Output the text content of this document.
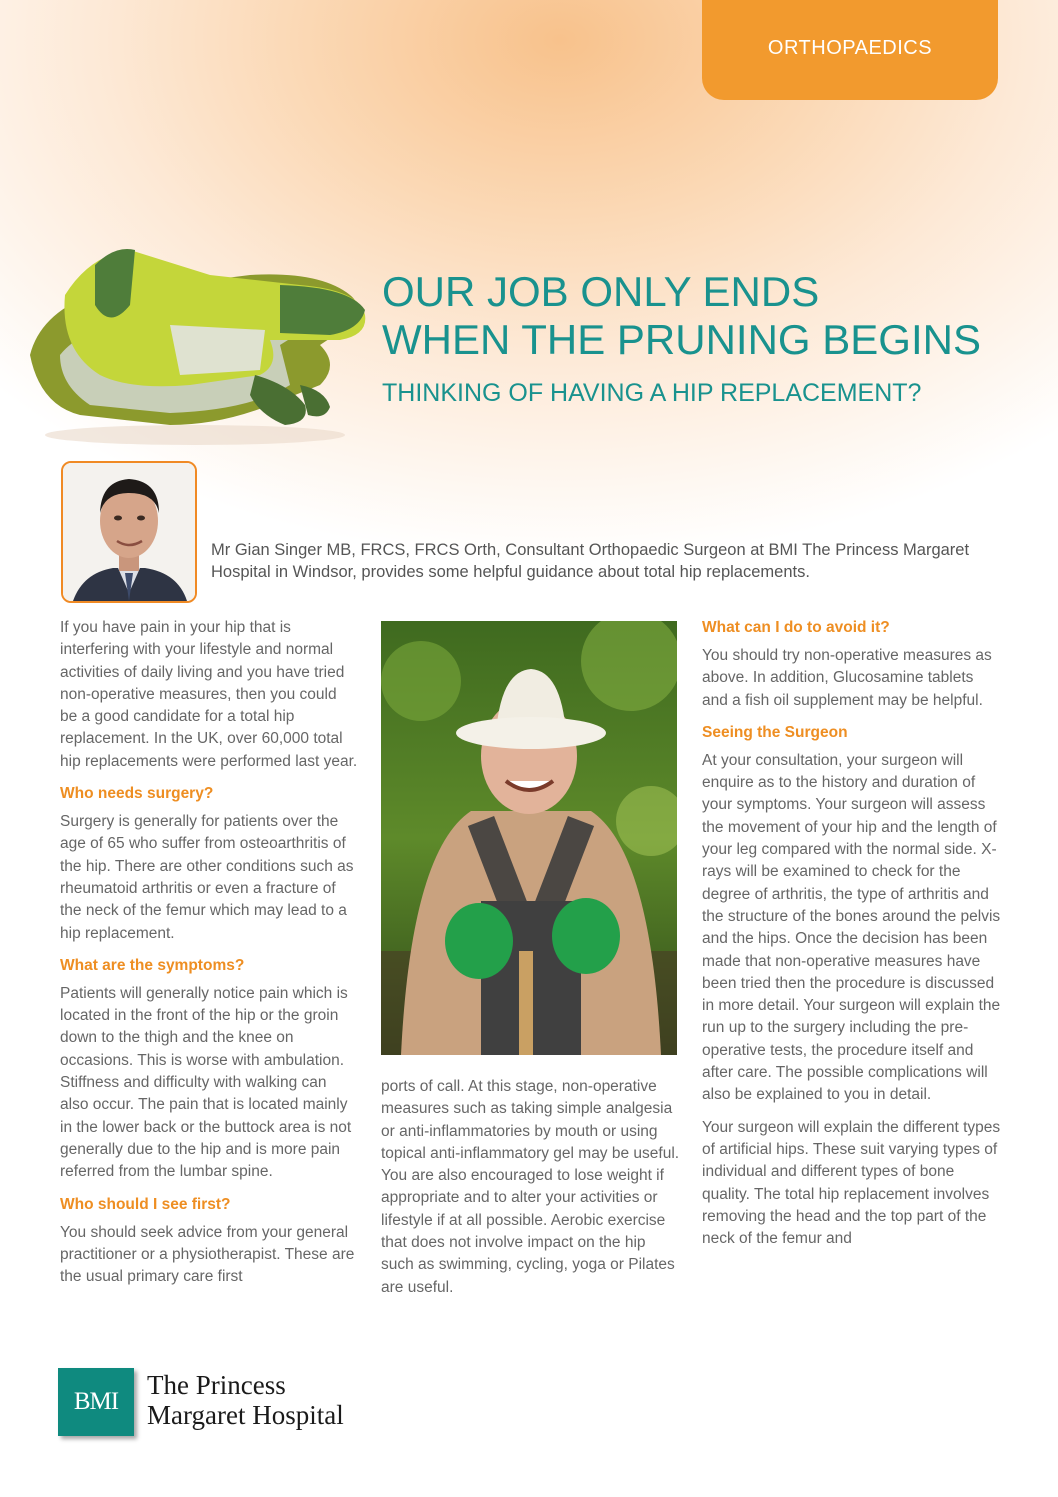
ORTHOPAEDICS
OUR JOB ONLY ENDS
WHEN THE PRUNING BEGINS
THINKING OF HAVING A HIP REPLACEMENT?
Mr Gian Singer MB, FRCS, FRCS Orth, Consultant Orthopaedic Surgeon at BMI The Princess Margaret Hospital in Windsor, provides some helpful guidance about total hip replacements.

If you have pain in your hip that is interfering with your lifestyle and normal activities of daily living and you have tried non-operative measures, then you could be a good candidate for a total hip replacement. In the UK, over 60,000 total hip replacements were performed last year.

Who needs surgery?

Surgery is generally for patients over the age of 65 who suffer from osteoarthritis of the hip. There are other conditions such as rheumatoid arthritis or even a fracture of the neck of the femur which may lead to a hip replacement.

What are the symptoms?

Patients will generally notice pain which is located in the front of the hip or the groin down to the thigh and the knee on occasions. This is worse with ambulation. Stiffness and difficulty with walking can also occur. The pain that is located mainly in the lower back or the buttock area is not generally due to the hip and is more pain referred from the lumbar spine.

Who should I see first?

You should seek advice from your general practitioner or a physiotherapist. These are the usual primary care first

ports of call. At this stage, non-operative measures such as taking simple analgesia or anti-inflammatories by mouth or using topical anti-inflammatory gel may be useful. You are also encouraged to lose weight if appropriate and to alter your activities or lifestyle if at all possible. Aerobic exercise that does not involve impact on the hip such as swimming, cycling, yoga or Pilates are useful.

What can I do to avoid it?

You should try non-operative measures as above. In addition, Glucosamine tablets and a fish oil supplement may be helpful.

Seeing the Surgeon

At your consultation, your surgeon will enquire as to the history and duration of your symptoms. Your surgeon will assess the movement of your hip and the length of your leg compared with the normal side. X-rays will be examined to check for the degree of arthritis, the type of arthritis and the structure of the bones around the pelvis and the hips. Once the decision has been made that non-operative measures have been tried then the procedure is discussed in more detail. Your surgeon will explain the run up to the surgery including the pre-operative tests, the procedure itself and after care. The possible complications will also be explained to you in detail.

Your surgeon will explain the different types of artificial hips. These suit varying types of individual and different types of bone quality. The total hip replacement involves removing the head and the top part of the neck of the femur and

BMI
The Princess
Margaret Hospital
